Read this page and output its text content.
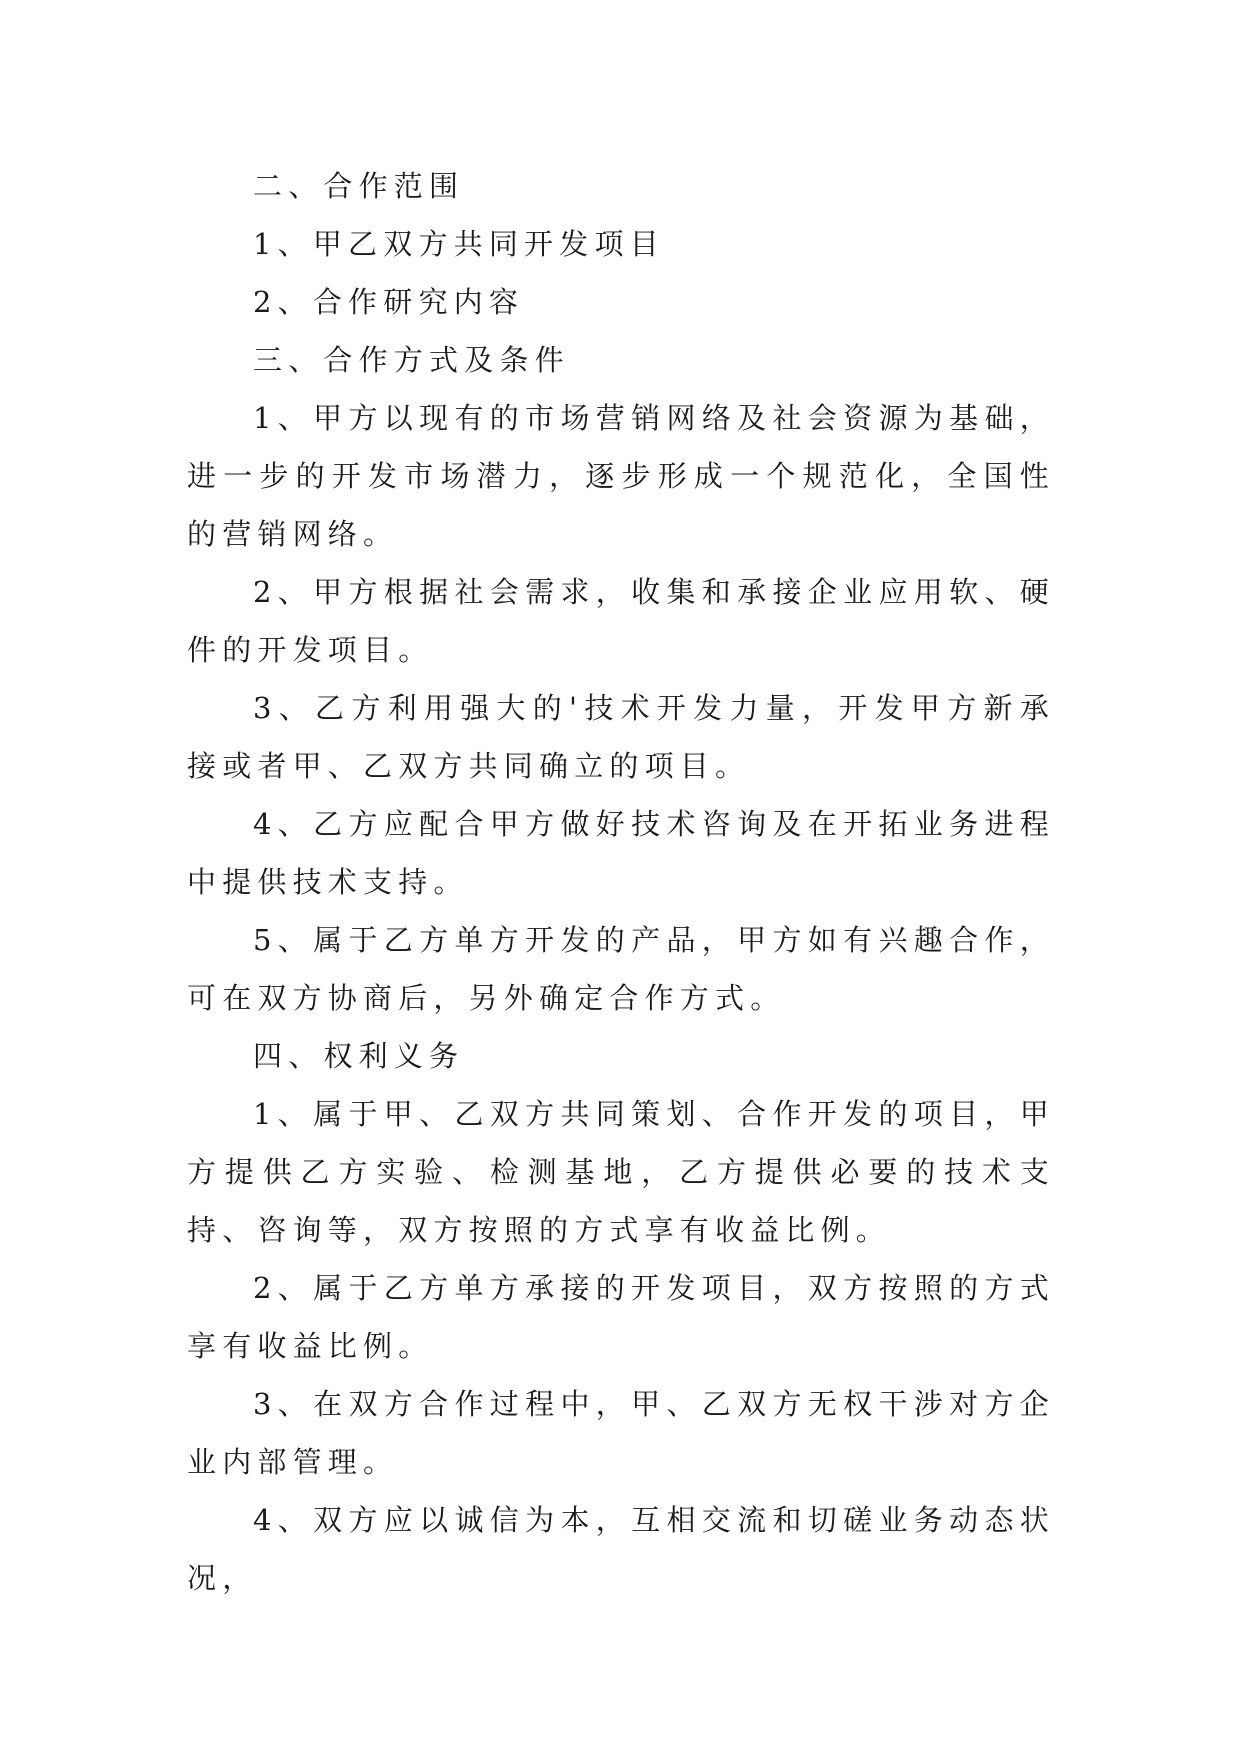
二、合作范围

1、甲乙双方共同开发项目

2、合作研究内容

三、合作方式及条件

1、甲方以现有的市场营销网络及社会资源为基础，进一步的开发市场潜力，逐步形成一个规范化，全国性的营销网络。

2、甲方根据社会需求，收集和承接企业应用软、硬件的开发项目。

3、乙方利用强大的'技术开发力量，开发甲方新承接或者甲、乙双方共同确立的项目。

4、乙方应配合甲方做好技术咨询及在开拓业务进程中提供技术支持。

5、属于乙方单方开发的产品，甲方如有兴趣合作，可在双方协商后，另外确定合作方式。

四、权利义务

1、属于甲、乙双方共同策划、合作开发的项目，甲方提供乙方实验、检测基地，乙方提供必要的技术支持、咨询等，双方按照的方式享有收益比例。

2、属于乙方单方承接的开发项目，双方按照的方式享有收益比例。

3、在双方合作过程中，甲、乙双方无权干涉对方企业内部管理。

4、双方应以诚信为本，互相交流和切磋业务动态状况，
